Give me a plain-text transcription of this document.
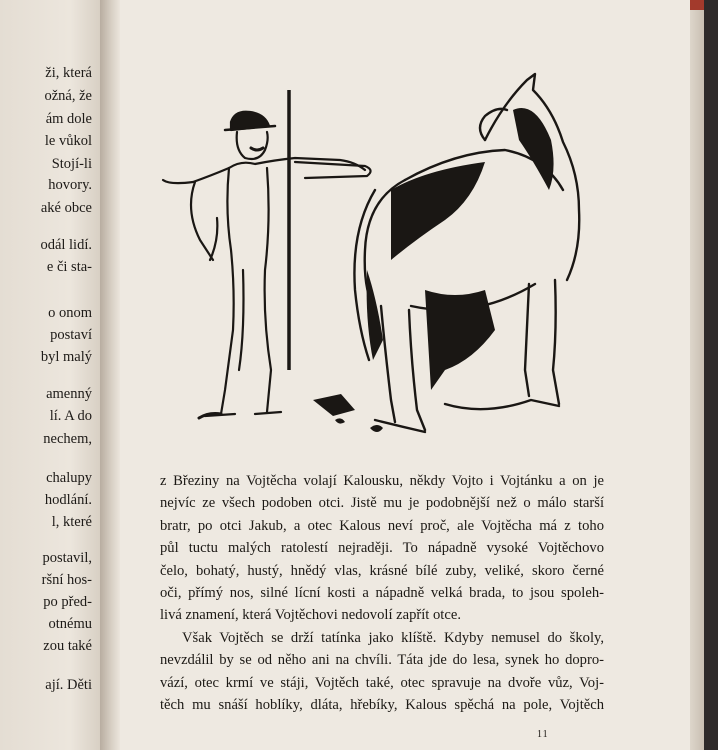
ži, která
ožná, že
ám dole
le vůkol
Stojí-li
hovory.
aké obce
odál lidí.
e či sta-
o onom
postaví
byl malý
amenný
lí. A do
nechem,
chalupy
hodlání.
l, které
postavil,
ršní hos-
po před-
otnému
zou také
ají. Děti
z Březiny na Vojtěcha volají Kalousku, někdy Vojto i Vojtánku a on je
nejvíc ze všech podoben otci. Jistě mu je podobnější než o málo starší
bratr, po otci Jakub, a otec Kalous neví proč, ale Vojtěcha má z toho
půl tuctu malých ratolestí nejraději. To nápadně vysoké Vojtěchovo
čelo, bohatý, hustý, hnědý vlas, krásné bílé zuby, veliké, skoro černé
oči, přímý nos, silné lícní kosti a nápadně velká brada, to jsou spoleh-
livá znamení, která Vojtěchovi nedovolí zapřít otce.
Však Vojtěch se drží tatínka jako klíště. Kdyby nemusel do školy,
nevzdálil by se od něho ani na chvíli. Táta jde do lesa, synek ho dopro-
vází, otec krmí ve stáji, Vojtěch také, otec spravuje na dvoře vůz, Voj-
těch mu snáší hoblíky, dláta, hřebíky, Kalous spěchá na pole, Vojtěch
11
